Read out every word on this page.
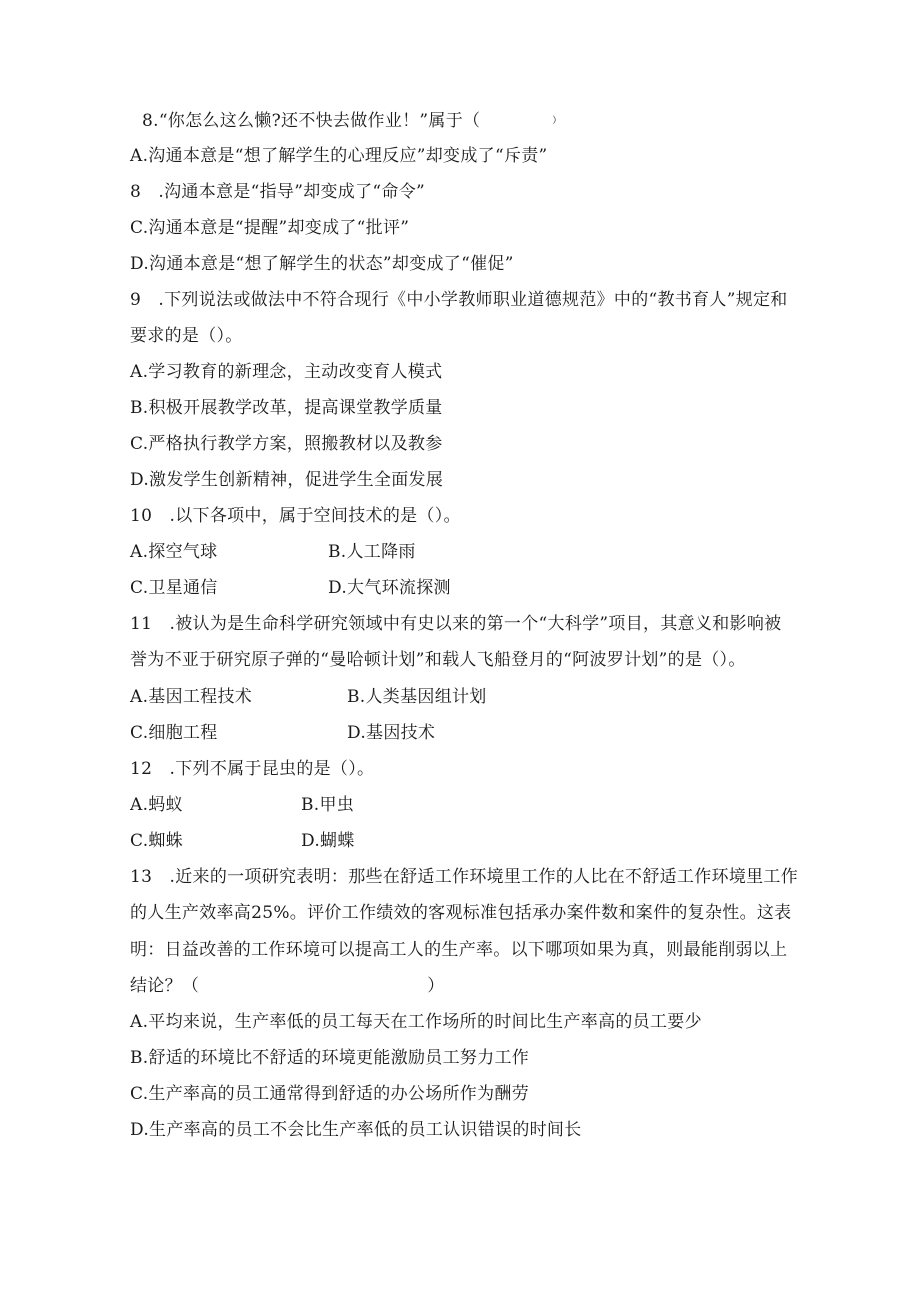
8.“你怎么这么懒?还不快去做作业！”属于（	）
A.沟通本意是“想了解学生的心理反应”却变成了“斥责”
8　.沟通本意是“指导”却变成了“命令”
C.沟通本意是“提醒”却变成了“批评”
D.沟通本意是“想了解学生的状态”却变成了“催促”
9　.下列说法或做法中不符合现行《中小学教师职业道德规范》中的“教书育人”规定和
要求的是（）。
A.学习教育的新理念，主动改变育人模式
B.积极开展教学改革，提高课堂教学质量
C.严格执行教学方案，照搬教材以及教参
D.激发学生创新精神，促进学生全面发展
10　.以下各项中，属于空间技术的是（）。
A.探空气球	B.人工降雨
C.卫星通信	D.大气环流探测
11　.被认为是生命科学研究领域中有史以来的第一个“大科学”项目，其意义和影响被
誉为不亚于研究原子弹的“曼哈顿计划”和载人飞船登月的“阿波罗计划”的是（）。
A.基因工程技术	B.人类基因组计划
C.细胞工程	D.基因技术
12　.下列不属于昆虫的是（）。
A.蚂蚁	B.甲虫
C.蜘蛛	D.蝴蝶
13　.近来的一项研究表明：那些在舒适工作环境里工作的人比在不舒适工作环境里工作
的人生产效率高25%。评价工作绩效的客观标准包括承办案件数和案件的复杂性。这表
明：日益改善的工作环境可以提高工人的生产率。以下哪项如果为真，则最能削弱以上
结论？（	）
A.平均来说，生产率低的员工每天在工作场所的时间比生产率高的员工要少
B.舒适的环境比不舒适的环境更能激励员工努力工作
C.生产率高的员工通常得到舒适的办公场所作为酬劳
D.生产率高的员工不会比生产率低的员工认识错误的时间长
